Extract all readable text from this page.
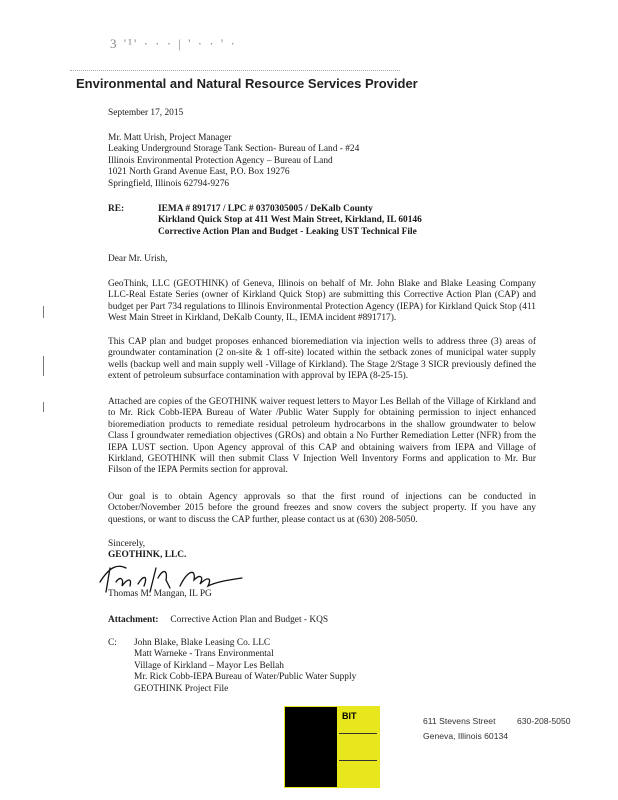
3 '¹' · · · | ' · · ' ·
Environmental and Natural Resource Services Provider
September 17, 2015
Mr. Matt Urish, Project Manager
Leaking Underground Storage Tank Section- Bureau of Land - #24
Illinois Environmental Protection Agency – Bureau of Land
1021 North Grand Avenue East, P.O. Box 19276
Springfield, Illinois 62794-9276
RE:	IEMA # 891717 / LPC # 0370305005 / DeKalb County
Kirkland Quick Stop at 411 West Main Street, Kirkland, IL 60146
Corrective Action Plan and Budget - Leaking UST Technical File
Dear Mr. Urish,
GeoThink, LLC (GEOTHINK) of Geneva, Illinois on behalf of Mr. John Blake and Blake Leasing Company LLC-Real Estate Series (owner of Kirkland Quick Stop) are submitting this Corrective Action Plan (CAP) and budget per Part 734 regulations to Illinois Environmental Protection Agency (IEPA) for Kirkland Quick Stop (411 West Main Street in Kirkland, DeKalb County, IL, IEMA incident #891717).
This CAP plan and budget proposes enhanced bioremediation via injection wells to address three (3) areas of groundwater contamination (2 on-site & 1 off-site) located within the setback zones of municipal water supply wells (backup well and main supply well -Village of Kirkland). The Stage 2/Stage 3 SICR previously defined the extent of petroleum subsurface contamination with approval by IEPA (8-25-15).
Attached are copies of the GEOTHINK waiver request letters to Mayor Les Bellah of the Village of Kirkland and to Mr. Rick Cobb-IEPA Bureau of Water /Public Water Supply for obtaining permission to inject enhanced bioremediation products to remediate residual petroleum hydrocarbons in the shallow groundwater to below Class I groundwater remediation objectives (GROs) and obtain a No Further Remediation Letter (NFR) from the IEPA LUST section. Upon Agency approval of this CAP and obtaining waivers from IEPA and Village of Kirkland, GEOTHINK will then submit Class V Injection Well Inventory Forms and application to Mr. Bur Filson of the IEPA Permits section for approval.
Our goal is to obtain Agency approvals so that the first round of injections can be conducted in October/November 2015 before the ground freezes and snow covers the subject property. If you have any questions, or want to discuss the CAP further, please contact us at (630) 208-5050.
Sincerely,
GEOTHINK, LLC.
Thomas M. Mangan, IL PG
Attachment: Corrective Action Plan and Budget - KQS
C: John Blake, Blake Leasing Co. LLC
Matt Warneke - Trans Environmental
Village of Kirkland – Mayor Les Bellah
Mr. Rick Cobb-IEPA Bureau of Water/Public Water Supply
GEOTHINK Project File
BIT	611 Stevens Street
Geneva, Illinois 60134
630-208-5050
